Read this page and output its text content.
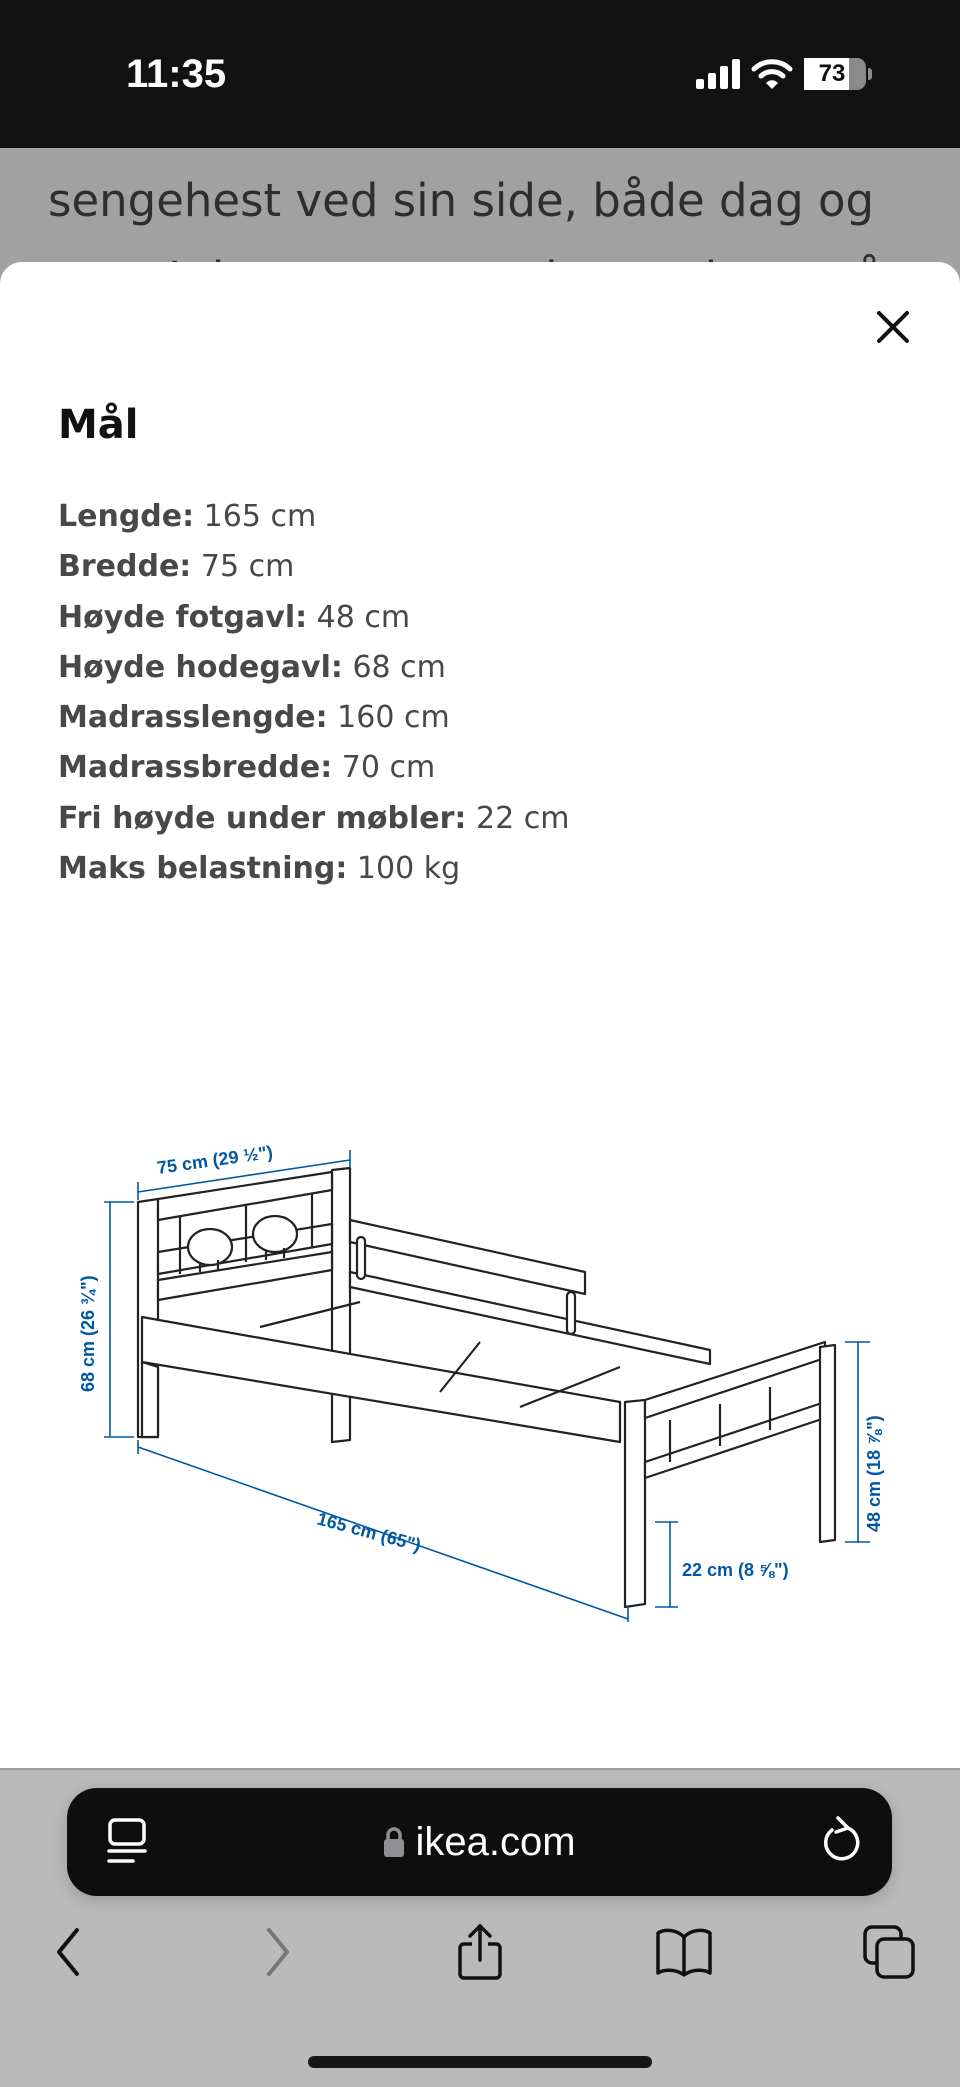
11:35	73
sengehest ved sin side, både dag og
Mål
Lengde: 165 cm
Bredde: 75 cm
Høyde fotgavl: 48 cm
Høyde hodegavl: 68 cm
Madrasslengde: 160 cm
Madrassbredde: 70 cm
Fri høyde under møbler: 22 cm
Maks belastning: 100 kg
75 cm (29 ½")
68 cm (26 ¾")
165 cm (65")
22 cm (8 ⅝")
48 cm (18 ⅞")
ikea.com
